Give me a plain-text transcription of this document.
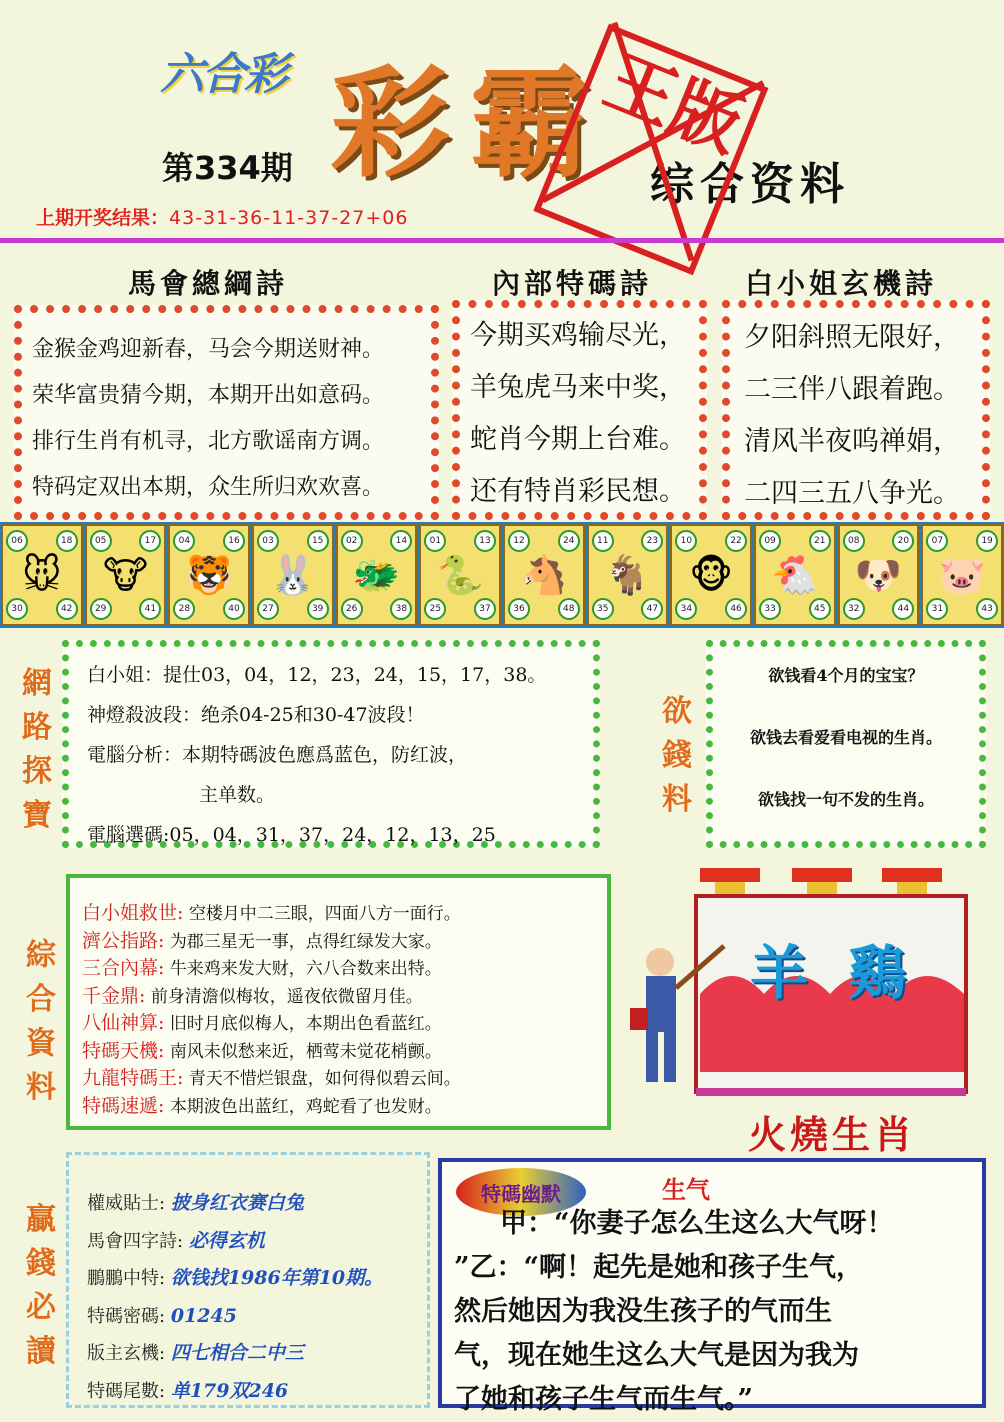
六合彩 彩霸
第334期	综合资料
王版
上期开奖结果：43-31-36-11-37-27+06
馬會總綱詩	內部特碼詩	白小姐玄機詩
金猴金鸡迎新春，马会今期送财神。
荣华富贵猜今期，本期开出如意码。
排行生肖有机寻，北方歌谣南方调。
特码定双出本期，众生所归欢欢喜。
今期买鸡输尽光，
羊兔虎马来中奖，
蛇肖今期上台难。
还有特肖彩民想。
夕阳斜照无限好，
二三伴八跟着跑。
清风半夜呜禅娟，
二四三五八争光。
06	18
30	42
🐭
05	17
29	41
🐮
04	16
28	40
🐯
03	15
27	39
🐰
02	14
26	38
🐲
01	13
25	37
🐍
12	24
36	48
🐴
11	23
35	47
🐐
10	22
34	46
🐵
09	21
33	45
🐔
08	20
32	44
🐶
07	19
31	43
🐷
網
路
探
寶
白小姐：提仕03，04，12，23，24，15，17，38。
神燈殺波段：绝杀04-25和30-47波段！
電腦分析：本期特碼波色應爲蓝色，防红波，
主单数。
電腦選碼:05，04，31，37，24，12，13，25
欲
錢
料
欲钱看4个月的宝宝？
欲钱去看爱看电视的生肖。
欲钱找一句不发的生肖。
綜
合
資
料
白小姐救世: 空楼月中二三眼，四面八方一面行。
濟公指路: 为郡三星无一事，点得红绿发大家。
三合內幕: 牛来鸡来发大财，六八合数来出特。
千金鼎: 前身清澹似梅妆，遥夜依微留月佳。
八仙神算: 旧时月底似梅人，本期出色看蓝红。
特碼天機: 南风未似愁来近，栖莺未觉花梢颤。
九龍特碼王: 青天不惜烂银盘，如何得似碧云间。
特碼速遞: 本期波色出蓝红，鸡蛇看了也发财。
羊 鷄
火燒生肖
贏
錢
必
讀
權威貼士: 披身红衣赛白兔
馬會四字詩: 必得玄机
鵬鵬中特: 欲钱找1986年第10期。
特碼密碼: 01245
版主玄機: 四七相合二中三
特碼尾數: 单179双246
特碼幽默	生气
甲：“你妻子怎么生这么大气呀！
”乙：“啊！起先是她和孩子生气，
然后她因为我没生孩子的气而生
气，现在她生这么大气是因为我为
了她和孩子生气而生气。”
